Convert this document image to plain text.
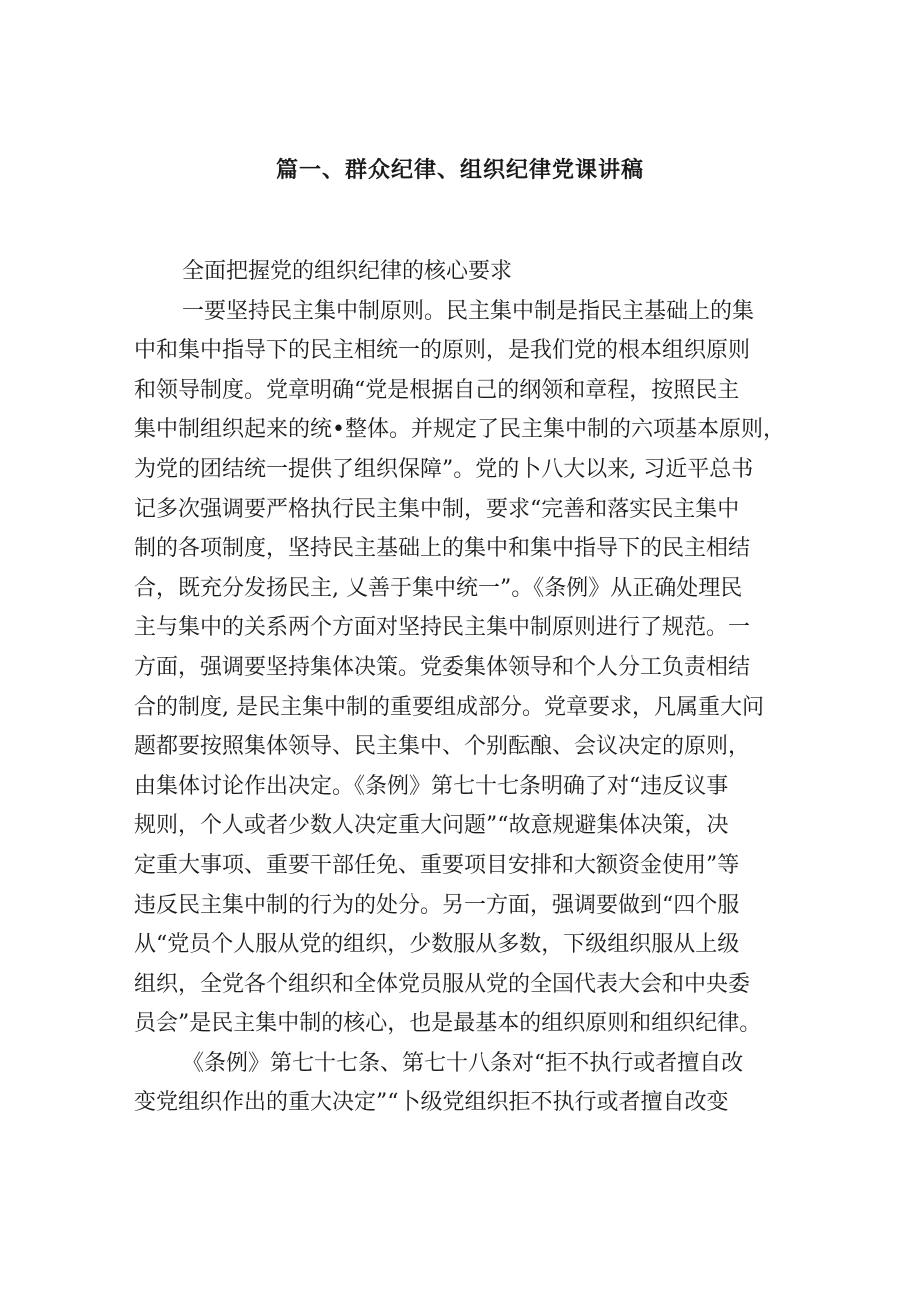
篇一、群众纪律、组织纪律党课讲稿

全面把握党的组织纪律的核心要求

一要坚持民主集中制原则。民主集中制是指民主基础上的集
中和集中指导下的民主相统一的原则，是我们党的根本组织原则
和领导制度。党章明确“党是根据自己的纲领和章程，按照民主
集中制组织起来的统•整体。并规定了民主集中制的六项基本原则，
为党的团结统一提供了组织保障”。党的卜八大以来, 习近平总书
记多次强调要严格执行民主集中制，要求“完善和落实民主集中
制的各项制度，坚持民主基础上的集中和集中指导下的民主相结
合，既充分发扬民主, 乂善于集中统一”。《条例》从正确处理民
主与集中的关系两个方面对坚持民主集中制原则进行了规范。一
方面，强调要坚持集体决策。党委集体领导和个人分工负责相结
合的制度, 是民主集中制的重要组成部分。党章要求，凡属重大问
题都要按照集体领导、民主集中、个别酝酿、会议决定的原则，
由集体讨论作出决定。《条例》第七十七条明确了对“违反议事
规则，个人或者少数人决定重大问题”“故意规避集体决策，决
定重大事项、重要干部任免、重要项目安排和大额资金使用”等
违反民主集中制的行为的处分。另一方面，强调要做到“四个服
从“党员个人服从党的组织，少数服从多数，下级组织服从上级
组织，全党各个组织和全体党员服从党的全国代表大会和中央委
员会”是民主集中制的核心，也是最基本的组织原则和组织纪律。

《条例》第七十七条、第七十八条对“拒不执行或者擅自改
变党组织作出的重大决定”“卜级党组织拒不执行或者擅自改变
